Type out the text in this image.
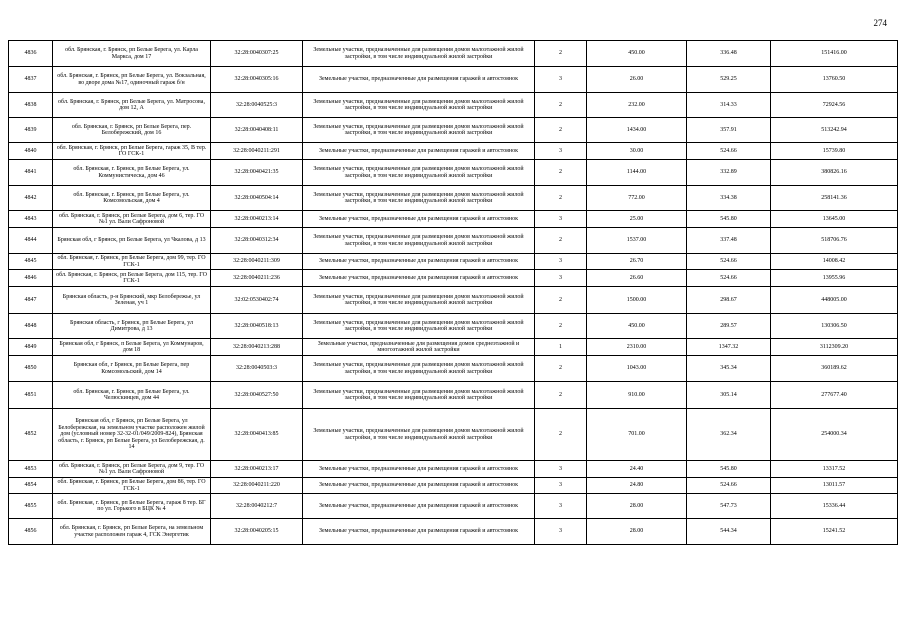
274
4836	обл. Брянская, г. Брянск, рп Белые Берега, ул. Карла Маркса, дом 17	32:28:0040307:25	Земельные участки, предназначенные для размещения домов малоэтажной жилой застройки, в том числе индивидуальной жилой застройки	2	450.00	336.48	151416.00
4837	обл. Брянская, г. Брянск, рп Белые Берега, ул. Вокзальная, во дворе дома №17, одиночный гараж б/н	32:28:0040305:16	Земельные участки, предназначенные для размещения гаражей и автостоянок	3	26.00	529.25	13760.50
4838	обл. Брянская, г. Брянск, рп Белые Берега, ул. Матросова, дом 12, А	32:28:0040525:3	Земельные участки, предназначенные для размещения домов малоэтажной жилой застройки, в том числе индивидуальной жилой застройки	2	232.00	314.33	72924.56
4839	обл. Брянская, г. Брянск, рп Белые Берега, пер. Белобережский, дом 16	32:28:0040408:11	Земельные участки, предназначенные для размещения домов малоэтажной жилой застройки, в том числе индивидуальной жилой застройки	2	1434.00	357.91	513242.94
4840	обл. Брянская, г. Брянск, рп Белые Берега, гараж 35, В тер. ГО ГСК-1	32:28:0040211:291	Земельные участки, предназначенные для размещения гаражей и автостоянок	3	30.00	524.66	15739.80
4841	обл. Брянская, г. Брянск, рп Белые Берега, ул. Коммунистическа, дом 46	32:28:0040421:35	Земельные участки, предназначенные для размещения домов малоэтажной жилой застройки, в том числе индивидуальной жилой застройки	2	1144.00	332.89	380826.16
4842	обл. Брянская, г. Брянск, рп Белые Берега, ул. Комсомольская, дом 4	32:28:0040504:14	Земельные участки, предназначенные для размещения домов малоэтажной жилой застройки, в том числе индивидуальной жилой застройки	2	772.00	334.38	258141.36
4843	обл. Брянская, г. Брянск, рп Белые Берега, дом 6, тер. ГО №1 ул. Вали Сафроновой	32:28:0040213:14	Земельные участки, предназначенные для размещения гаражей и автостоянок	3	25.00	545.80	13645.00
4844	Брянская обл, г Брянск, рп Белые Берега, ул Чкалова, д 13	32:28:0040312:34	Земельные участки, предназначенные для размещения домов малоэтажной жилой застройки, в том числе индивидуальной жилой застройки	2	1537.00	337.48	518706.76
4845	обл. Брянская, г. Брянск, рп Белые Берега, дом 99, тер. ГО ГСК-1	32:28:0040211:309	Земельные участки, предназначенные для размещения гаражей и автостоянок	3	26.70	524.66	14008.42
4846	обл. Брянская, г. Брянск, рп Белые Берега, дом 115, тер. ГО ГСК-1	32:28:0040211:236	Земельные участки, предназначенные для размещения гаражей и автостоянок	3	26.60	524.66	13955.96
4847	Брянская область, р-н Брянский, мкр Белобережье, ул Зеленая, уч 1	32:02:0530402:74	Земельные участки, предназначенные для размещения домов малоэтажной жилой застройки, в том числе индивидуальной жилой застройки	2	1500.00	298.67	448005.00
4848	Брянская область, г Брянск, рп Белые Берега, ул Димитрова, д 13	32:28:0040518:13	Земельные участки, предназначенные для размещения домов малоэтажной жилой застройки, в том числе индивидуальной жилой застройки	2	450.00	289.57	130306.50
4849	Брянская обл, г Брянск, п Белые Берега, ул Коммунаров, дом 18	32:28:0040213:288	Земельные участки, предназначенные для размещения домов среднеэтажной и многоэтажной жилой застройки	1	2310.00	1347.32	3112309.20
4850	Брянская обл, г Брянск, рп Белые Берега, пер Комсомольский, дом 14	32:28:0040503:3	Земельные участки, предназначенные для размещения домов малоэтажной жилой застройки, в том числе индивидуальной жилой застройки	2	1043.00	345.34	360189.62
4851	обл. Брянская, г. Брянск, рп Белые Берега, ул. Челюскинцев, дом 44	32:28:0040527:50	Земельные участки, предназначенные для размещения домов малоэтажной жилой застройки, в том числе индивидуальной жилой застройки	2	910.00	305.14	277677.40
4852	Брянская обл, г Брянск, рп Белые Берега, ул Белобережская, на земельном участке расположен жилой дом (условный номер 32-32-01/049/2009-824), Брянская область, г. Брянск, рп Белые Берега, ул Белобережская, д. 14	32:28:0040413:85	Земельные участки, предназначенные для размещения домов малоэтажной жилой застройки, в том числе индивидуальной жилой застройки	2	701.00	362.34	254000.34
4853	обл. Брянская, г. Брянск, рп Белые Берега, дом 9, тер. ГО №1 ул. Вали Сафроновой	32:28:0040213:17	Земельные участки, предназначенные для размещения гаражей и автостоянок	3	24.40	545.80	13317.52
4854	обл. Брянская, г. Брянск, рп Белые Берега, дом 86, тер. ГО ГСК-1	32:28:0040211:220	Земельные участки, предназначенные для размещения гаражей и автостоянок	3	24.80	524.66	13011.57
4855	обл. Брянская, г. Брянск, рп Белые Берега, гараж 8 тер. БГ по ул. Горького в БЦК № 4	32:28:0040212:7	Земельные участки, предназначенные для размещения гаражей и автостоянок	3	28.00	547.73	15336.44
4856	обл. Брянская, г. Брянск, рп Белые Берега, на земельном участке расположен гараж 4, ГСК Энергетик	32:28:0040205:15	Земельные участки, предназначенные для размещения гаражей и автостоянок	3	28.00	544.34	15241.52
